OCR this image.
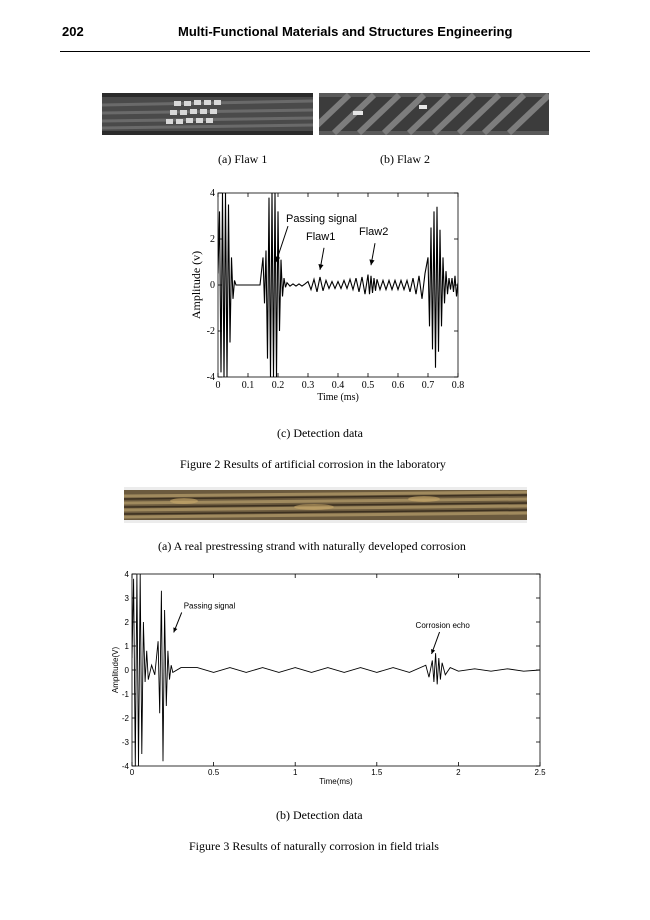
202	Multi-Functional Materials and Structures Engineering
(a) Flaw 1	(b) Flaw 2
0 0.1 0.2 0.3 0.4 0.5 0.6 0.7 0.8
-4
-2
0
2
4
Time (ms)
Amplitude (v)
Passing signal
Flaw1 Flaw2
(c) Detection data
Figure 2 Results of artificial corrosion in the laboratory
(a) A real prestressing strand with naturally developed corrosion
0	0.5	1	1.5	2	2.5
-4
-3
-2
-1
0
1
2
3
4
Time(ms)
Amplitude(V)
Passing signal
Corrosion echo
(b) Detection data
Figure 3 Results of naturally corrosion in field trials
